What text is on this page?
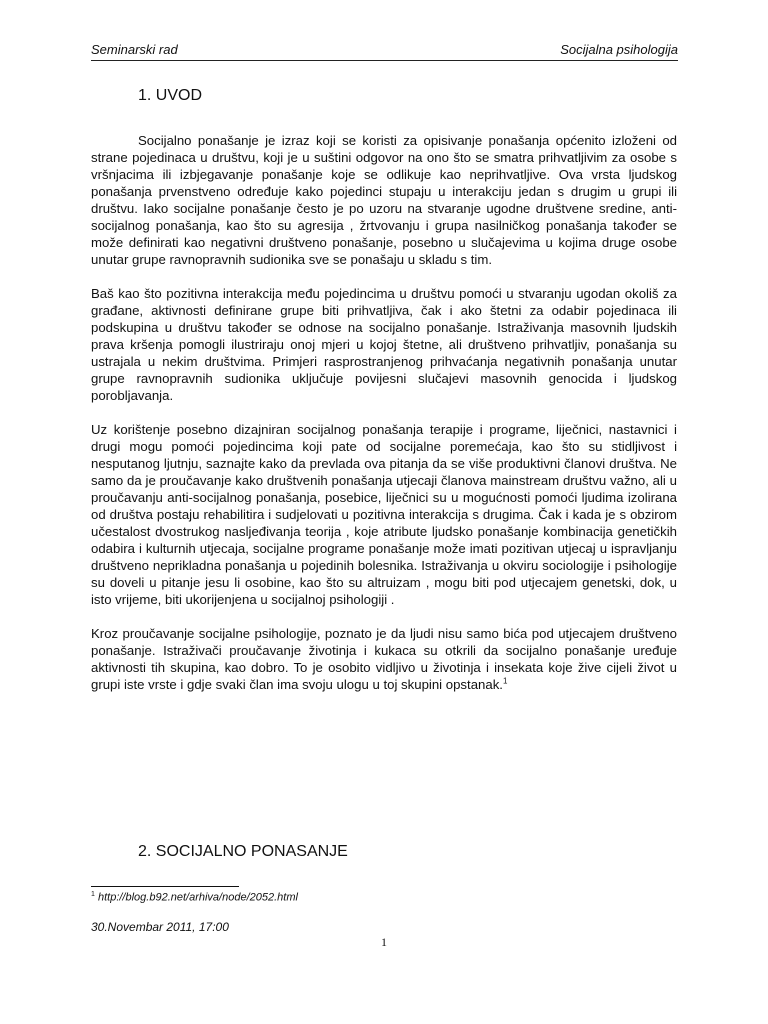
Seminarski rad	Socijalna psihologija
1. UVOD

Socijalno ponašanje je izraz koji se koristi za opisivanje ponašanja općenito izloženi od strane pojedinaca u društvu, koji je u suštini odgovor na ono što se smatra prihvatljivim za osobe s vršnjacima ili izbjegavanje ponašanje koje se odlikuje kao neprihvatljive. Ova vrsta ljudskog ponašanja prvenstveno određuje kako pojedinci stupaju u interakciju jedan s drugim u grupi ili društvu. Iako socijalne ponašanje često je po uzoru na stvaranje ugodne društvene sredine, anti-socijalnog ponašanja, kao što su agresija , žrtvovanju i grupa nasilničkog ponašanja također se može definirati kao negativni društveno ponašanje, posebno u slučajevima u kojima druge osobe unutar grupe ravnopravnih sudionika sve se ponašaju u skladu s tim.

Baš kao što pozitivna interakcija među pojedincima u društvu pomoći u stvaranju ugodan okoliš za građane, aktivnosti definirane grupe biti prihvatljiva, čak i ako štetni za odabir pojedinaca ili podskupina u društvu također se odnose na socijalno ponašanje. Istraživanja masovnih ljudskih prava kršenja pomogli ilustriraju onoj mjeri u kojoj štetne, ali društveno prihvatljiv, ponašanja su ustrajala u nekim društvima. Primjeri rasprostranjenog prihvaćanja negativnih ponašanja unutar grupe ravnopravnih sudionika uključuje povijesni slučajevi masovnih genocida i ljudskog porobljavanja.

Uz korištenje posebno dizajniran socijalnog ponašanja terapije i programe, liječnici, nastavnici i drugi mogu pomoći pojedincima koji pate od socijalne poremećaja, kao što su stidljivost i nesputanog ljutnju, saznajte kako da prevlada ova pitanja da se više produktivni članovi društva. Ne samo da je proučavanje kako društvenih ponašanja utjecaji članova mainstream društvu važno, ali u proučavanju anti-socijalnog ponašanja, posebice, liječnici su u mogućnosti pomoći ljudima izolirana od društva postaju rehabilitira i sudjelovati u pozitivna interakcija s drugima. Čak i kada je s obzirom učestalost dvostrukog nasljeđivanja teorija , koje atribute ljudsko ponašanje kombinacija genetičkih odabira i kulturnih utjecaja, socijalne programe ponašanje može imati pozitivan utjecaj u ispravljanju društveno neprikladna ponašanja u pojedinih bolesnika. Istraživanja u okviru sociologije i psihologije su doveli u pitanje jesu li osobine, kao što su altruizam , mogu biti pod utjecajem genetski, dok, u isto vrijeme, biti ukorijenjena u socijalnoj psihologiji .

Kroz proučavanje socijalne psihologije, poznato je da ljudi nisu samo bića pod utjecajem društveno ponašanje. Istraživači proučavanje životinja i kukaca su otkrili da socijalno ponašanje uređuje aktivnosti tih skupina, kao dobro. To je osobito vidljivo u životinja i insekata koje žive cijeli život u grupi iste vrste i gdje svaki član ima svoju ulogu u toj skupini opstanak.$^1$

2. SOCIJALNO PONASANJE
$^1$ http://blog.b92.net/arhiva/node/2052.html
30.Novembar 2011, 17:00
1
